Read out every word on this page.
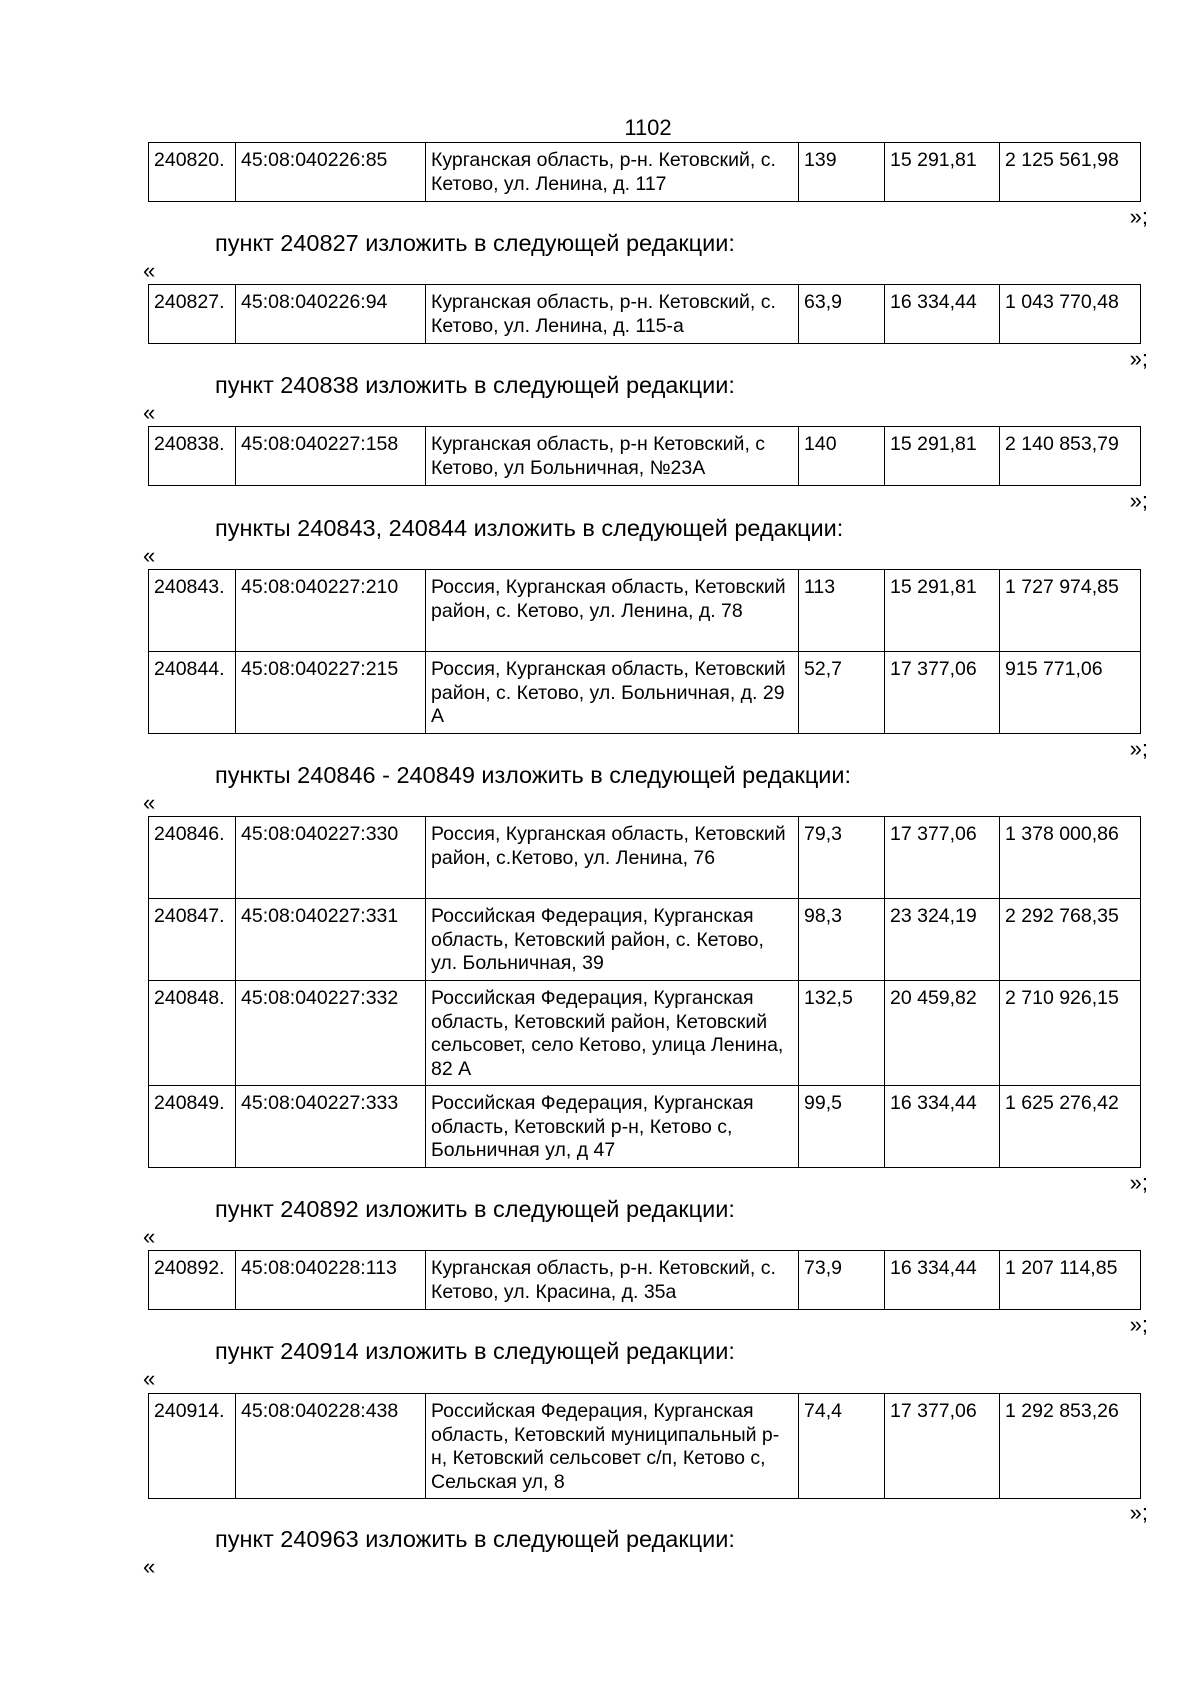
1102
240820.	45:08:040226:85	Курганская область, р-н. Кетовский, с. Кетово, ул. Ленина, д. 117	139	15 291,81	2 125 561,98
»;
пункт 240827 изложить в следующей редакции:
«
240827.	45:08:040226:94	Курганская область, р-н. Кетовский, с. Кетово, ул. Ленина, д. 115-а	63,9	16 334,44	1 043 770,48
»;
пункт 240838 изложить в следующей редакции:
«
240838.	45:08:040227:158	Курганская область, р-н Кетовский, с Кетово, ул Больничная, №23А	140	15 291,81	2 140 853,79
»;
пункты 240843, 240844 изложить в следующей редакции:
«
240843.	45:08:040227:210	Россия, Курганская область, Кетовский район, с. Кетово, ул. Ленина, д. 78	113	15 291,81	1 727 974,85
240844.	45:08:040227:215	Россия, Курганская область, Кетовский район, с. Кетово, ул. Больничная, д. 29 А	52,7	17 377,06	915 771,06
»;
пункты 240846 - 240849 изложить в следующей редакции:
«
240846.	45:08:040227:330	Россия, Курганская область, Кетовский район, с.Кетово, ул. Ленина, 76	79,3	17 377,06	1 378 000,86
240847.	45:08:040227:331	Российская Федерация, Курганская область, Кетовский район, с. Кетово, ул. Больничная, 39	98,3	23 324,19	2 292 768,35
240848.	45:08:040227:332	Российская Федерация, Курганская область, Кетовский район, Кетовский сельсовет, село Кетово, улица Ленина, 82 А	132,5	20 459,82	2 710 926,15
240849.	45:08:040227:333	Российская Федерация, Курганская область, Кетовский р-н, Кетово с, Больничная ул, д 47	99,5	16 334,44	1 625 276,42
»;
пункт 240892 изложить в следующей редакции:
«
240892.	45:08:040228:113	Курганская область, р-н. Кетовский, с. Кетово, ул. Красина, д. 35а	73,9	16 334,44	1 207 114,85
»;
пункт 240914 изложить в следующей редакции:
«
240914.	45:08:040228:438	Российская Федерация, Курганская область, Кетовский муниципальный р-н, Кетовский сельсовет с/п, Кетово с, Сельская ул, 8	74,4	17 377,06	1 292 853,26
»;
пункт 240963 изложить в следующей редакции:
«
